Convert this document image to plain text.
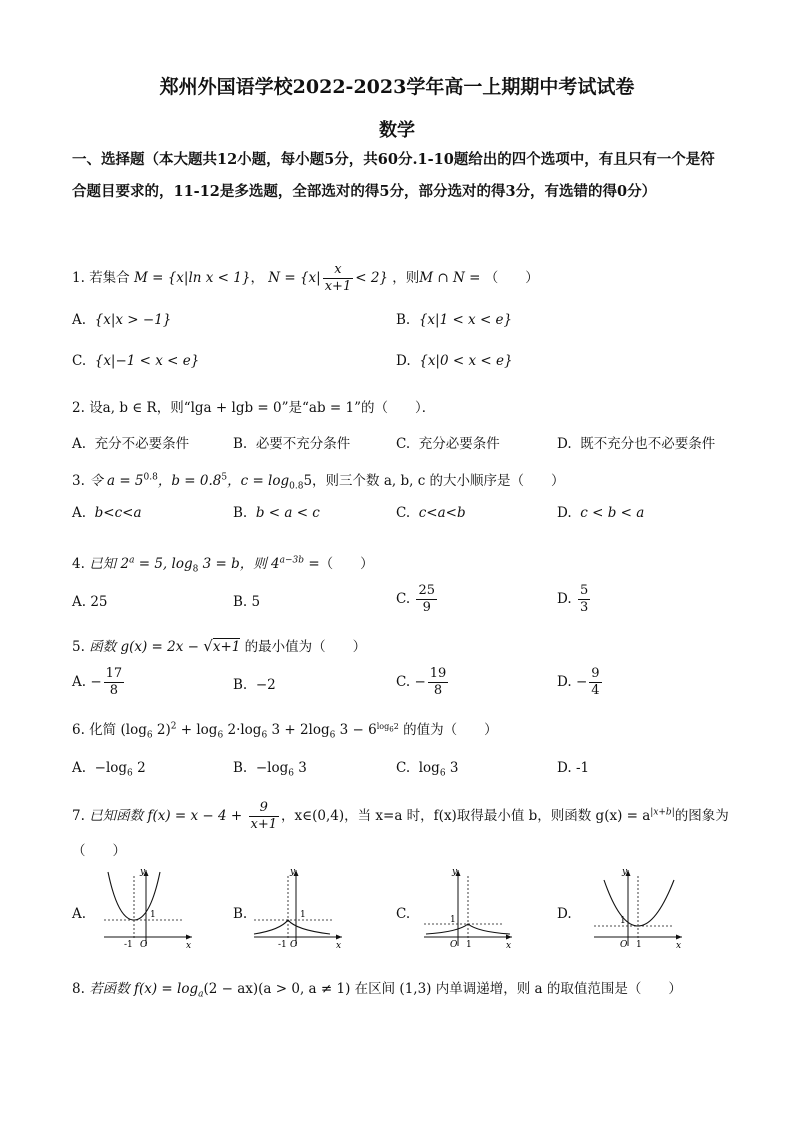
郑州外国语学校2022-2023学年高一上期期中考试试卷
数学
一、选择题（本大题共12小题，每小题5分，共60分.1-10题给出的四个选项中，有且只有一个是符合题目要求的，11-12是多选题，全部选对的得5分，部分选对的得3分，有选错的得0分）
1. 若集合 M = {x|ln x < 1}， $N = \{x| \frac{x}{x+1} < 2\}$ ，则M ∩ N = （　　）
A. {x|x > −1}	B. {x|1 < x < e}
C. {x|−1 < x < e}	D. {x|0 < x < e}
2. 设a, b ∈ R，则“lga + lgb = 0”是“ab = 1”的（　　）．
A. 充分不必要条件	B. 必要不充分条件	C. 充分必要条件	D. 既不充分也不必要条件
3. 令 $a = 5^{0.8}$，$b = 0.8^5$，$c = \log_{0.8}5$，则三个数 a, b, c 的大小顺序是（　　）
A. b<c<a	B. b < a < c	C. c<a<b	D. c < b < a
4. 已知 $2^a = 5$, $\log_8 3 = b$，则 $4^{a-3b}$ =（　　）
A. 25	B. 5	C. $\frac{25}{9}$	D. $\frac{5}{3}$
5. 函数 g(x) = 2x − √x+1 的最小值为（　　）
A. − $\frac{17}{8}$	B. −2	C. − $\frac{19}{8}$	D. − $\frac{9}{4}$
6. 化简 ($\log_6$ $2)^2 + \log_6 2\cdot\log_6$ $3 + 2\log_6$ $3 - 6^{log_62}$ 的值为（　　）
A. $-\log_6$ 2	B. $-\log_6$ 3	C. $\log_6 3$	D. -1
7. 已知函数 $f(x) = x - 4 + \frac{9}{x+1}$ ，x∈(0,4)，当 x=a 时，f(x)取得最小值 b，则函数 $g(x) = a^{|x+b|}$的图象为
（　　）
A.	B.	C.	D.
y
x
O
1
-1
y
x
O
1
-1
y
x
O
1
1
y
x
O
1
1
8. 若函数 $f(x) = \log_a(2 - ax)(a > 0$, a ≠ 1) 在区间 (1,3) 内单调递增，则 a 的取值范围是（　　）
